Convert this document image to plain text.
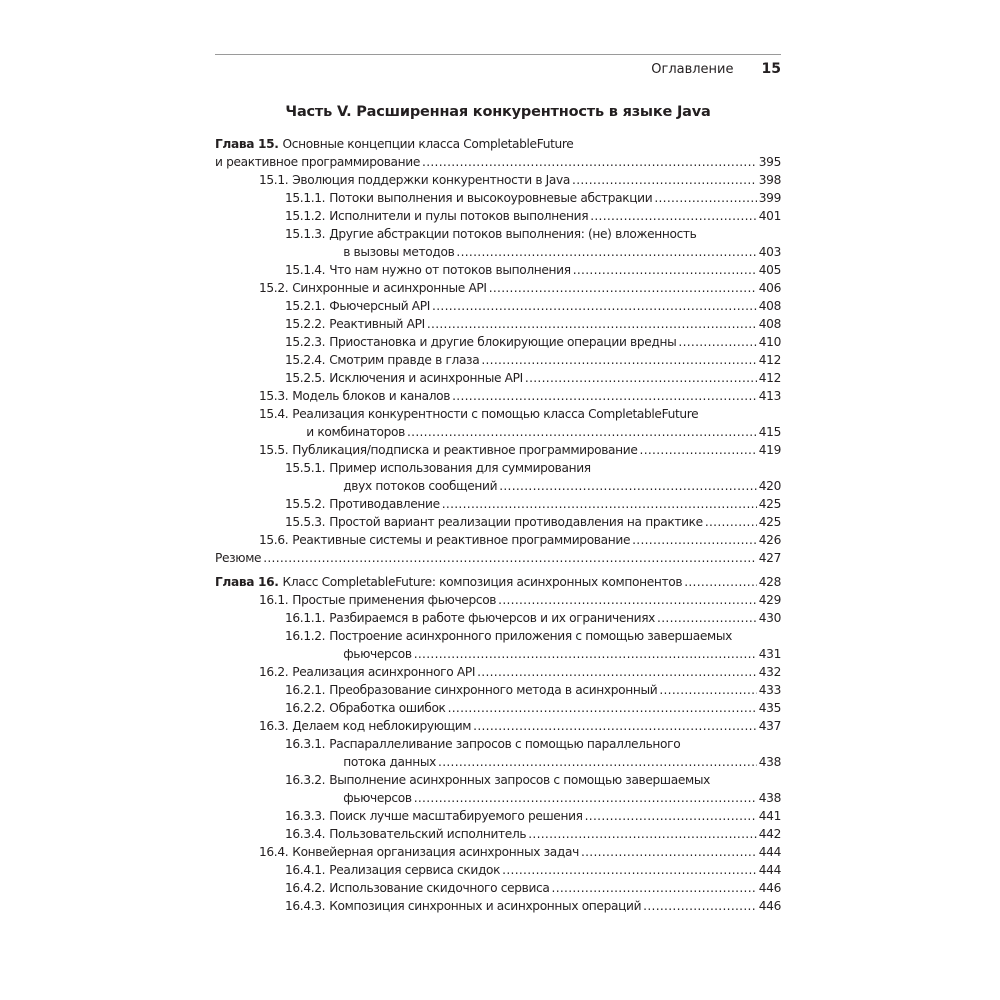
Оглавление 15
Часть V. Расширенная конкурентность в языке Java
Глава 15. Основные концепции класса CompletableFuture
и реактивное программирование .....	395
15.1. Эволюция поддержки конкурентности в Java .....	398
15.1.1. Потоки выполнения и высокоуровневые абстракции .....	399
15.1.2. Исполнители и пулы потоков выполнения .....	401
15.1.3. Другие абстракции потоков выполнения: (не) вложенность
в вызовы методов .....	403
15.1.4. Что нам нужно от потоков выполнения .....	405
15.2. Синхронные и асинхронные API .....	406
15.2.1. Фьючерсный API .....	408
15.2.2. Реактивный API .....	408
15.2.3. Приостановка и другие блокирующие операции вредны .....	410
15.2.4. Смотрим правде в глаза .....	412
15.2.5. Исключения и асинхронные API .....	412
15.3. Модель блоков и каналов .....	413
15.4. Реализация конкурентности с помощью класса CompletableFuture
и комбинаторов .....	415
15.5. Публикация/подписка и реактивное программирование .....	419
15.5.1. Пример использования для суммирования
двух потоков сообщений .....	420
15.5.2. Противодавление .....	425
15.5.3. Простой вариант реализации противодавления на практике .....	425
15.6. Реактивные системы и реактивное программирование .....	426
Резюме .....	427
Глава 16. Класс CompletableFuture: композиция асинхронных компонентов .....	428
16.1. Простые применения фьючерсов .....	429
16.1.1. Разбираемся в работе фьючерсов и их ограничениях .....	430
16.1.2. Построение асинхронного приложения с помощью завершаемых
фьючерсов .....	431
16.2. Реализация асинхронного API .....	432
16.2.1. Преобразование синхронного метода в асинхронный .....	433
16.2.2. Обработка ошибок .....	435
16.3. Делаем код неблокирующим .....	437
16.3.1. Распараллеливание запросов с помощью параллельного
потока данных .....	438
16.3.2. Выполнение асинхронных запросов с помощью завершаемых
фьючерсов .....	438
16.3.3. Поиск лучше масштабируемого решения .....	441
16.3.4. Пользовательский исполнитель .....	442
16.4. Конвейерная организация асинхронных задач .....	444
16.4.1. Реализация сервиса скидок .....	444
16.4.2. Использование скидочного сервиса .....	446
16.4.3. Композиция синхронных и асинхронных операций .....	446
